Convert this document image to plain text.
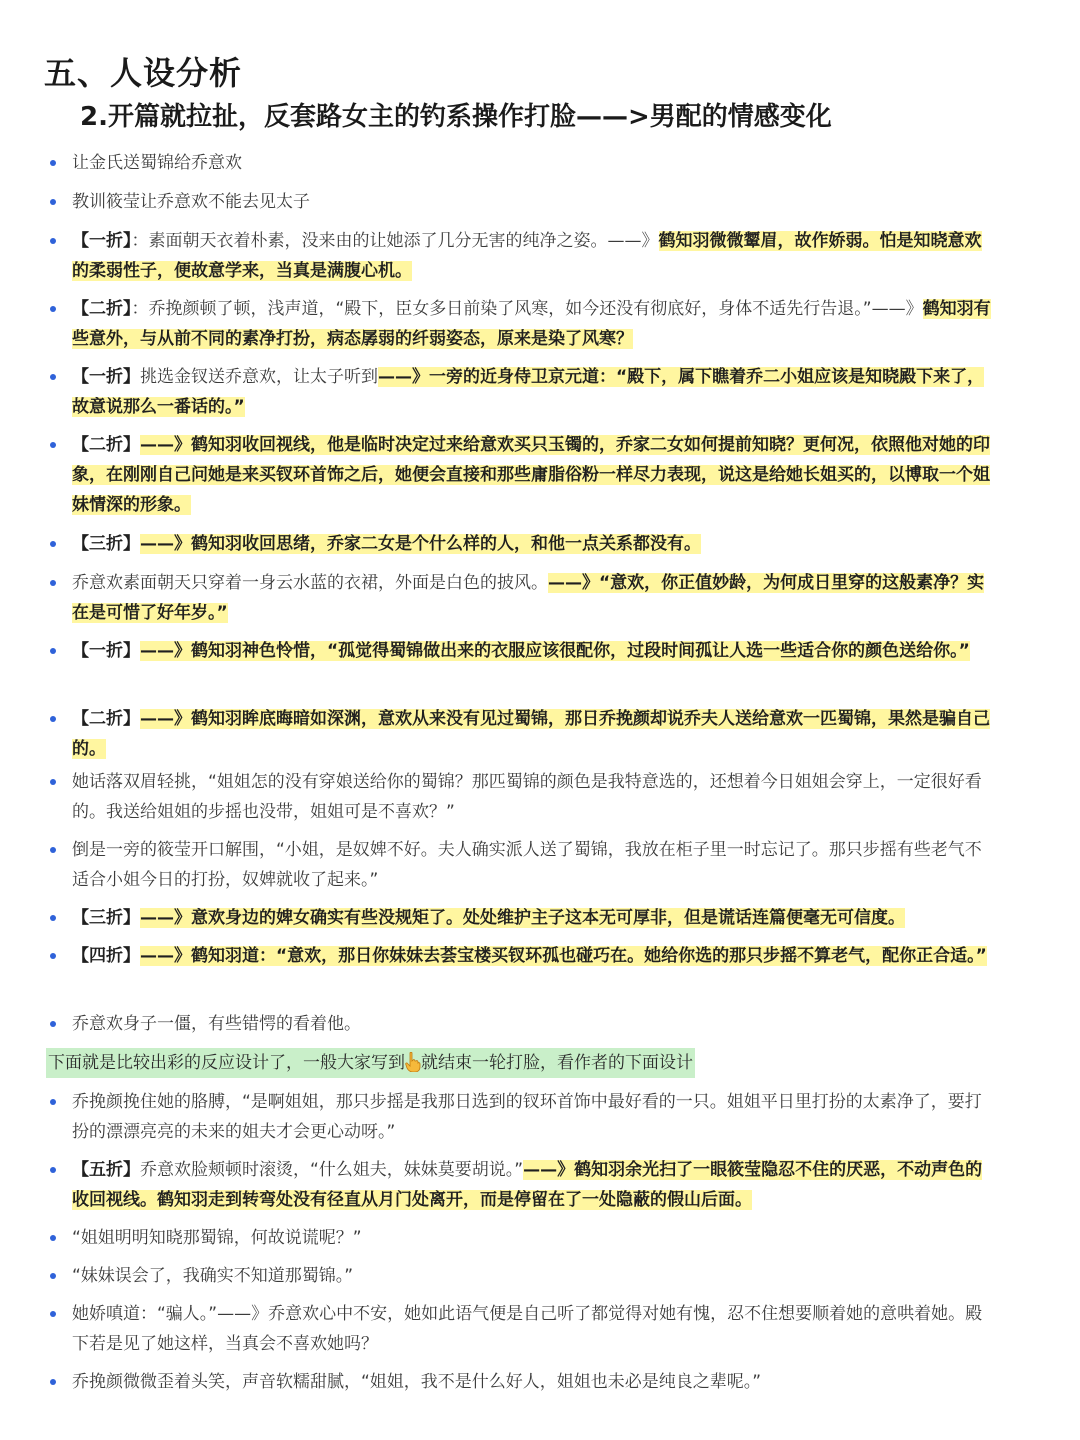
五、人设分析
2.开篇就拉扯，反套路女主的钓系操作打脸——>男配的情感变化
让金氏送蜀锦给乔意欢
教训筱莹让乔意欢不能去见太子
【一折】：素面朝天衣着朴素，没来由的让她添了几分无害的纯净之姿。——》鹤知羽微微颦眉，故作娇弱。怕是知晓意欢的柔弱性子，便故意学来，当真是满腹心机。
【二折】：乔挽颜顿了顿，浅声道，“殿下，臣女多日前染了风寒，如今还没有彻底好，身体不适先行告退。”——》鹤知羽有些意外，与从前不同的素净打扮，病态孱弱的纤弱姿态，原来是染了风寒？
【一折】挑选金钗送乔意欢，让太子听到——》一旁的近身侍卫京元道：“殿下，属下瞧着乔二小姐应该是知晓殿下来了，故意说那么一番话的。”
【二折】——》鹤知羽收回视线，他是临时决定过来给意欢买只玉镯的，乔家二女如何提前知晓？更何况，依照他对她的印象，在刚刚自己问她是来买钗环首饰之后，她便会直接和那些庸脂俗粉一样尽力表现，说这是给她长姐买的，以博取一个姐妹情深的形象。
【三折】——》鹤知羽收回思绪，乔家二女是个什么样的人，和他一点关系都没有。
乔意欢素面朝天只穿着一身云水蓝的衣裙，外面是白色的披风。——》“意欢，你正值妙龄，为何成日里穿的这般素净？实在是可惜了好年岁。”
【一折】——》鹤知羽神色怜惜，“孤觉得蜀锦做出来的衣服应该很配你，过段时间孤让人选一些适合你的颜色送给你。”
【二折】——》鹤知羽眸底晦暗如深渊，意欢从来没有见过蜀锦，那日乔挽颜却说乔夫人送给意欢一匹蜀锦，果然是骗自己的。
她话落双眉轻挑，“姐姐怎的没有穿娘送给你的蜀锦？那匹蜀锦的颜色是我特意选的，还想着今日姐姐会穿上，一定很好看的。我送给姐姐的步摇也没带，姐姐可是不喜欢？”
倒是一旁的筱莹开口解围，“小姐，是奴婢不好。夫人确实派人送了蜀锦，我放在柜子里一时忘记了。那只步摇有些老气不适合小姐今日的打扮，奴婢就收了起来。”
【三折】——》意欢身边的婢女确实有些没规矩了。处处维护主子这本无可厚非，但是谎话连篇便毫无可信度。
【四折】——》鹤知羽道：“意欢，那日你妹妹去荟宝楼买钗环孤也碰巧在。她给你选的那只步摇不算老气，配你正合适。”
乔意欢身子一僵，有些错愕的看着他。
下面就是比较出彩的反应设计了，一般大家写到 就结束一轮打脸，看作者的下面设计
乔挽颜挽住她的胳膊，“是啊姐姐，那只步摇是我那日选到的钗环首饰中最好看的一只。姐姐平日里打扮的太素净了，要打扮的漂漂亮亮的未来的姐夫才会更心动呀。”
【五折】乔意欢脸颊顿时滚烫，“什么姐夫，妹妹莫要胡说。”——》鹤知羽余光扫了一眼筱莹隐忍不住的厌恶，不动声色的收回视线。鹤知羽走到转弯处没有径直从月门处离开，而是停留在了一处隐蔽的假山后面。
“姐姐明明知晓那蜀锦，何故说谎呢？”
“妹妹误会了，我确实不知道那蜀锦。”
她娇嗔道：“骗人。”——》乔意欢心中不安，她如此语气便是自己听了都觉得对她有愧，忍不住想要顺着她的意哄着她。殿下若是见了她这样，当真会不喜欢她吗？
乔挽颜微微歪着头笑，声音软糯甜腻，“姐姐，我不是什么好人，姐姐也未必是纯良之辈呢。”
